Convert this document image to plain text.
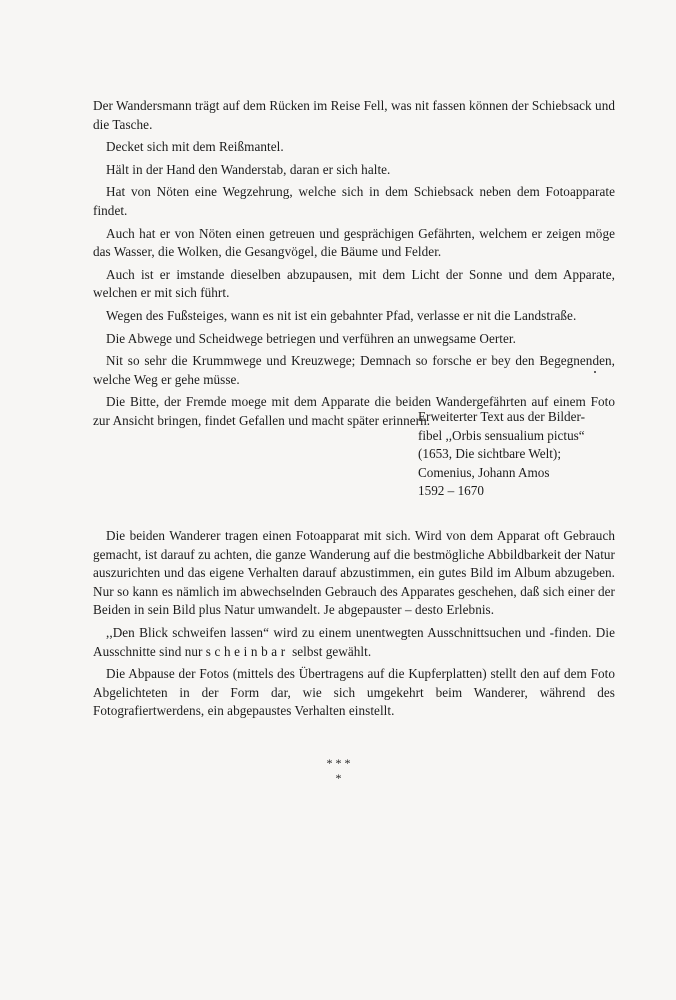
Der Wandersmann trägt auf dem Rücken im Reise Fell, was nit fassen können der Schiebsack und die Tasche.

Decket sich mit dem Reißmantel.

Hält in der Hand den Wanderstab, daran er sich halte.

Hat von Nöten eine Wegzehrung, welche sich in dem Schiebsack neben dem Fotoapparate findet.

Auch hat er von Nöten einen getreuen und gesprächigen Gefährten, welchem er zeigen möge das Wasser, die Wolken, die Gesangvögel, die Bäume und Felder.

Auch ist er imstande dieselben abzupausen, mit dem Licht der Sonne und dem Apparate, welchen er mit sich führt.

Wegen des Fußsteiges, wann es nit ist ein gebahnter Pfad, verlasse er nit die Landstraße.

Die Abwege und Scheidwege betriegen und verführen an unwegsame Oerter.

Nit so sehr die Krummwege und Kreuzwege; Demnach so forsche er bey den Begegnenden, welche Weg er gehe müsse.

Die Bitte, der Fremde moege mit dem Apparate die beiden Wandergefährten auf einem Foto zur Ansicht bringen, findet Gefallen und macht später erinnern.

Erweiterter Text aus der Bilder-
fibel ,,Orbis sensualium pictus“
(1653, Die sichtbare Welt);
Comenius, Johann Amos
1592 – 1670

Die beiden Wanderer tragen einen Fotoapparat mit sich. Wird von dem Apparat oft Gebrauch gemacht, ist darauf zu achten, die ganze Wanderung auf die bestmögliche Abbildbarkeit der Natur auszurichten und das eigene Verhalten darauf abzustimmen, ein gutes Bild im Album abzugeben. Nur so kann es nämlich im abwechselnden Gebrauch des Apparates geschehen, daß sich einer der Beiden in sein Bild plus Natur umwandelt. Je abgepauster – desto Erlebnis.

,,Den Blick schweifen lassen“ wird zu einem unentwegten Ausschnittsuchen und -finden. Die Ausschnitte sind nur scheinbar selbst gewählt.

Die Abpause der Fotos (mittels des Übertragens auf die Kupferplatten) stellt den auf dem Foto Abgelichteten in der Form dar, wie sich umgekehrt beim Wanderer, während des Fotografiertwerdens, ein abgepaustes Verhalten einstellt.

***
*
